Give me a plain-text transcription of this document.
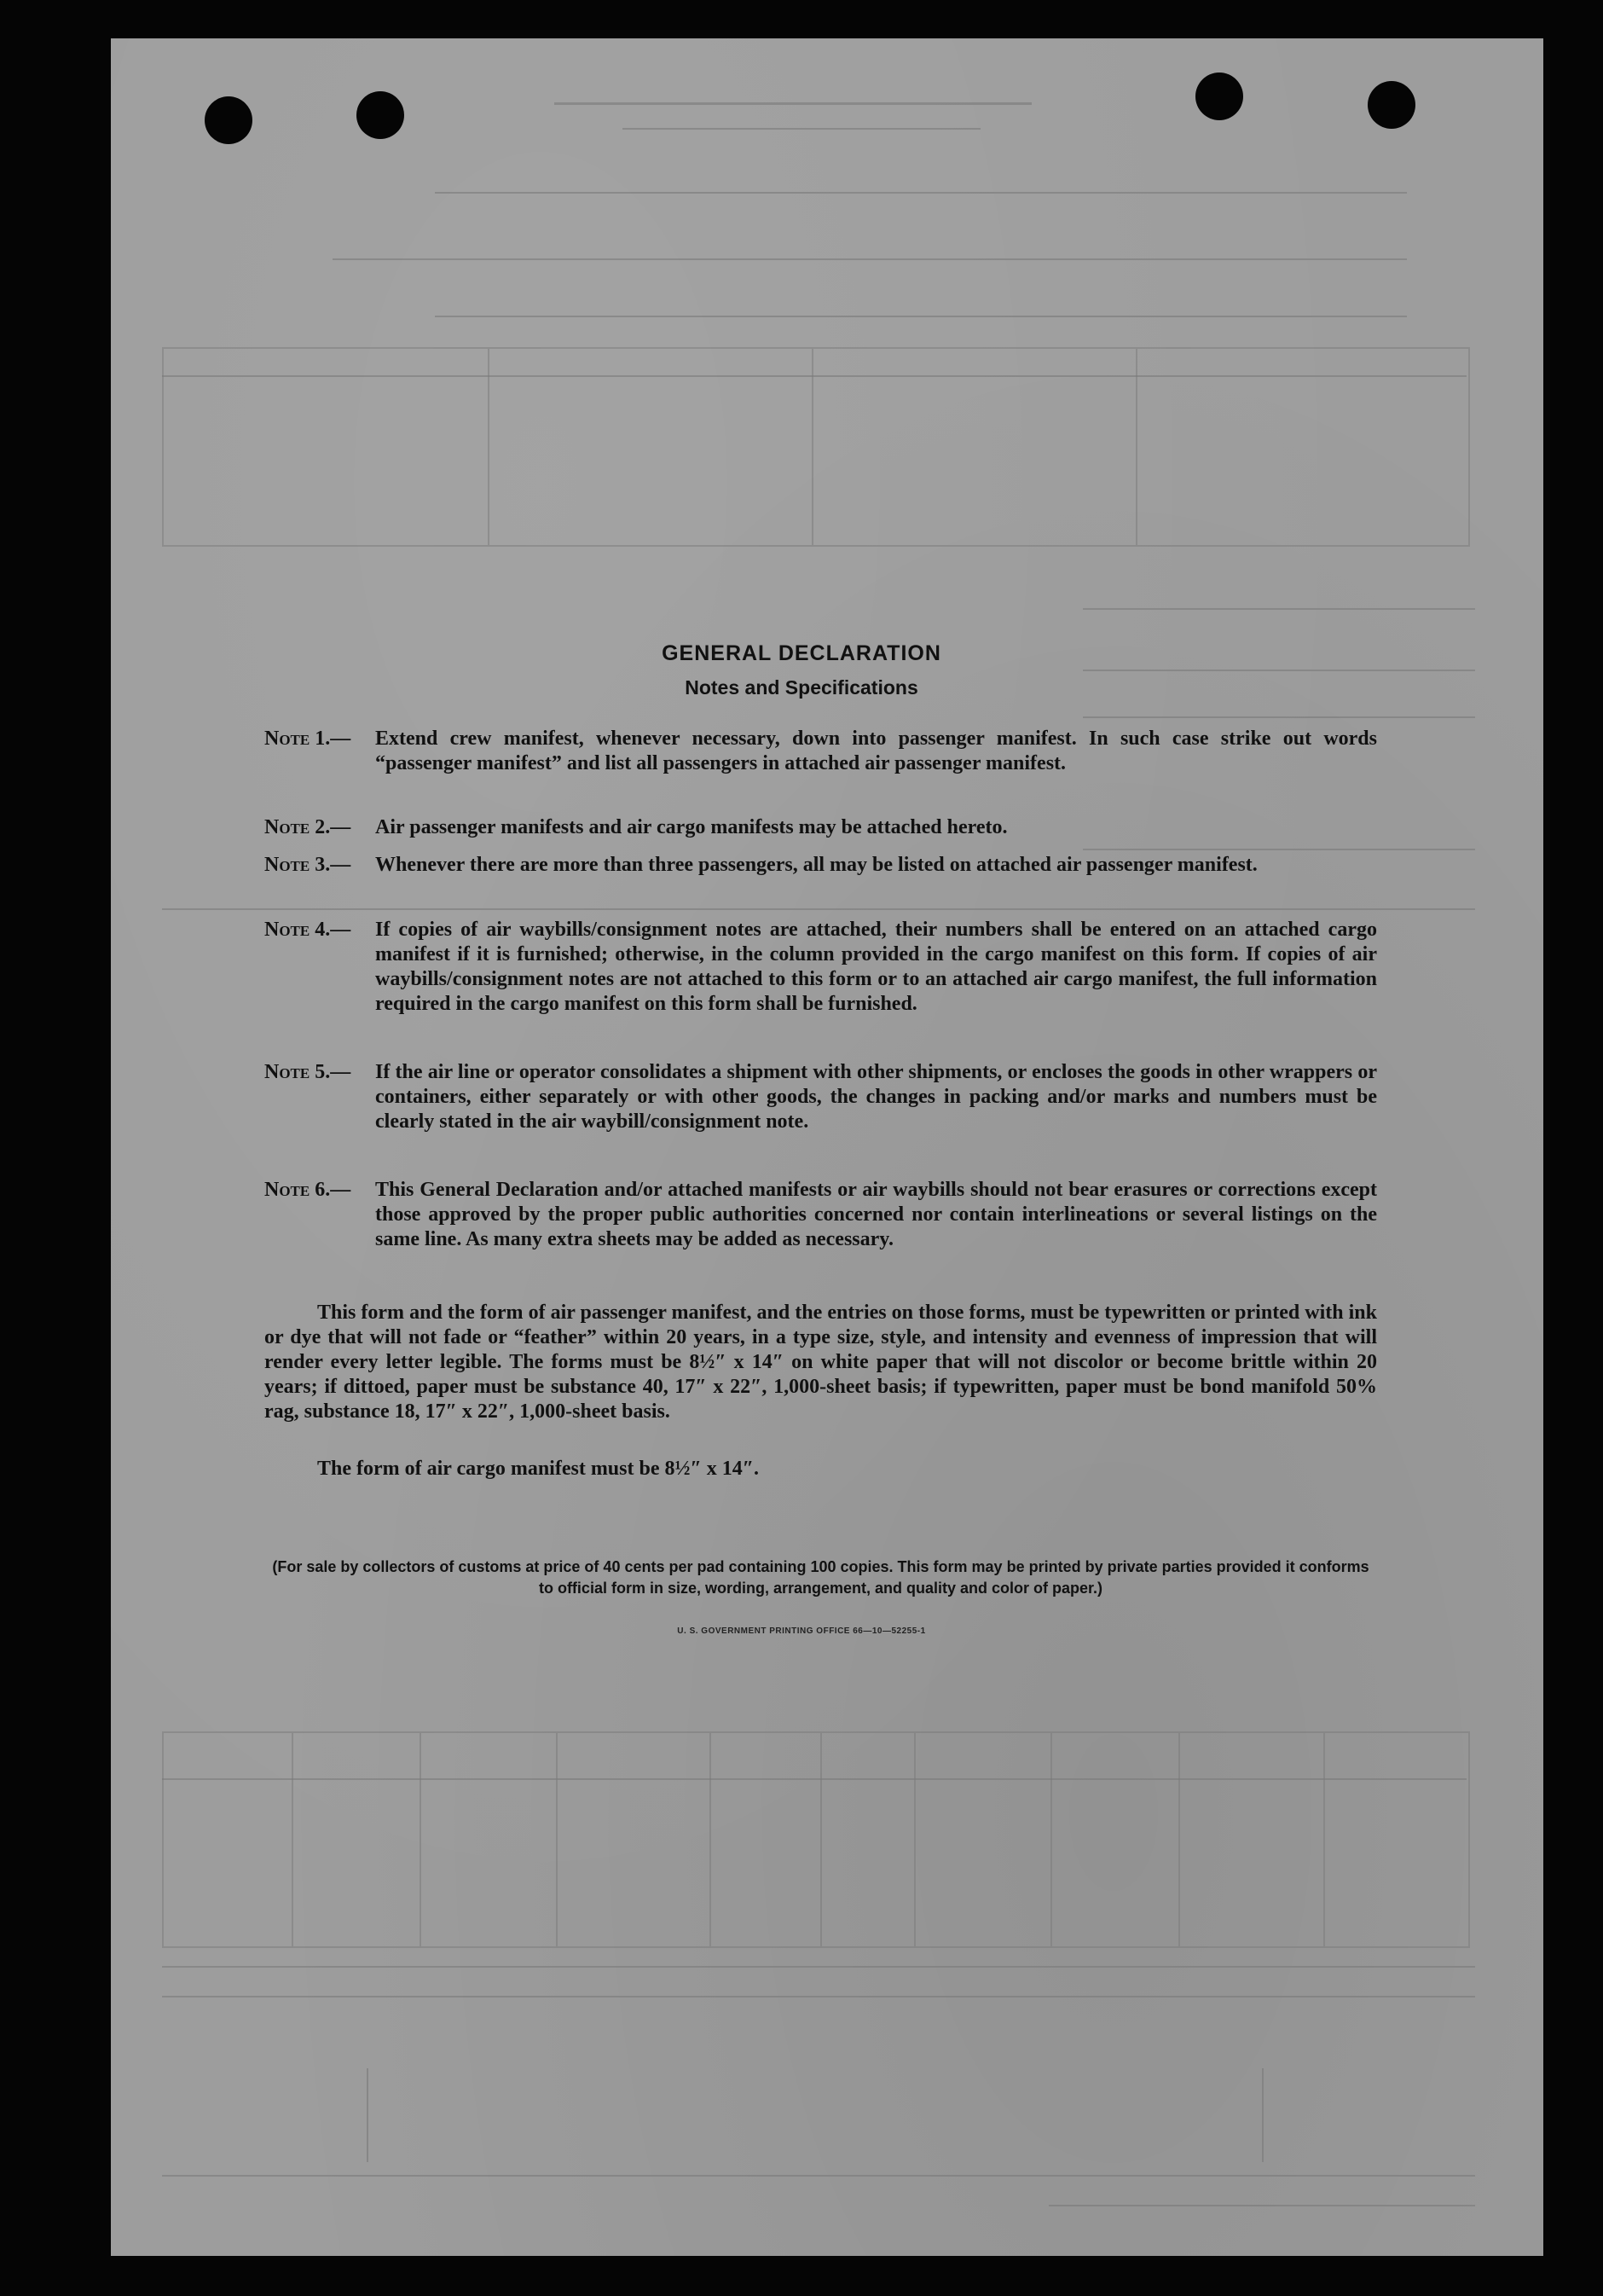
GENERAL DECLARATION
Notes and Specifications
Note 1.— Extend crew manifest, whenever necessary, down into passenger manifest. In such case strike out words “passenger manifest” and list all passengers in attached air passenger manifest.
Note 2.— Air passenger manifests and air cargo manifests may be attached hereto.
Note 3.— Whenever there are more than three passengers, all may be listed on attached air passenger manifest.
Note 4.— If copies of air waybills/consignment notes are attached, their numbers shall be entered on an attached cargo manifest if it is furnished; otherwise, in the column provided in the cargo manifest on this form. If copies of air waybills/consignment notes are not attached to this form or to an attached air cargo manifest, the full information required in the cargo manifest on this form shall be furnished.
Note 5.— If the air line or operator consolidates a shipment with other shipments, or encloses the goods in other wrappers or containers, either separately or with other goods, the changes in packing and/or marks and numbers must be clearly stated in the air waybill/consignment note.
Note 6.— This General Declaration and/or attached manifests or air waybills should not bear erasures or corrections except those approved by the proper public authorities concerned nor contain interlineations or several listings on the same line. As many extra sheets may be added as necessary.
This form and the form of air passenger manifest, and the entries on those forms, must be typewritten or printed with ink or dye that will not fade or “feather” within 20 years, in a type size, style, and intensity and evenness of impression that will render every letter legible. The forms must be 8½″ x 14″ on white paper that will not discolor or become brittle within 20 years; if dittoed, paper must be substance 40, 17″ x 22″, 1,000-sheet basis; if typewritten, paper must be bond manifold 50% rag, substance 18, 17″ x 22″, 1,000-sheet basis.
The form of air cargo manifest must be 8½″ x 14″.
(For sale by collectors of customs at price of 40 cents per pad containing 100 copies. This form may be printed by private parties provided it conforms to official form in size, wording, arrangement, and quality and color of paper.)
U. S. GOVERNMENT PRINTING OFFICE 66—10—52255-1
